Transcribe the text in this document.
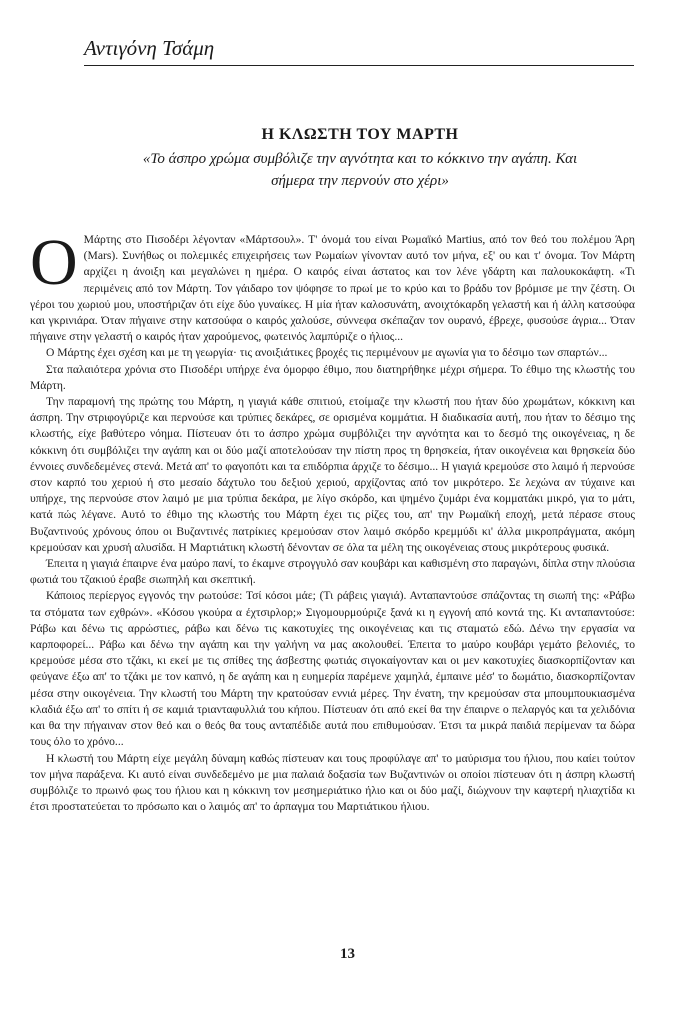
Αντιγόνη Τσάμη
Η ΚΛΩΣΤΗ ΤΟΥ ΜΑΡΤΗ

«Το άσπρο χρώμα συμβόλιζε την αγνότητα και το κόκκινο την αγάπη. Και σήμερα την περνούν στο χέρι»

Ο Μάρτης στο Πισοδέρι λέγονταν «Μάρτσουλ». Τ' όνομά του είναι Ρωμαϊκό Martius, από τον θεό του πολέμου Άρη (Mars). Συνήθως οι πολεμικές επιχειρήσεις των Ρωμαίων γίνονταν αυτό τον μήνα, εξ' ου και τ' όνομα. Τον Μάρτη αρχίζει η άνοιξη και μεγαλώνει η ημέρα. Ο καιρός είναι άστατος και τον λένε γδάρτη και παλουκοκάφτη. «Τι περιμένεις από τον Μάρτη. Τον γάιδαρο τον ψόφησε το πρωί με το κρύο και το βράδυ τον βρόμισε με την ζέστη. Οι γέροι του χωριού μου, υποστήριζαν ότι είχε δύο γυναίκες. Η μία ήταν καλοσυνάτη, ανοιχτόκαρδη γελαστή και ή άλλη κατσούφα και γκρινιάρα. Όταν πήγαινε στην κατσούφα ο καιρός χαλούσε, σύννεφα σκέπαζαν τον ουρανό, έβρεχε, φυσούσε άγρια... Όταν πήγαινε στην γελαστή ο καιρός ήταν χαρούμενος, φωτεινός λαμπύριζε ο ήλιος...

Ο Μάρτης έχει σχέση και με τη γεωργία· τις ανοιξιάτικες βροχές τις περιμένουν με αγωνία για το δέσιμο των σπαρτών...

Στα παλαιότερα χρόνια στο Πισοδέρι υπήρχε ένα όμορφο έθιμο, που διατηρήθηκε μέχρι σήμερα. Το έθιμο της κλωστής του Μάρτη.

Την παραμονή της πρώτης του Μάρτη, η γιαγιά κάθε σπιτιού, ετοίμαζε την κλωστή που ήταν δύο χρωμάτων, κόκκινη και άσπρη. Την στριφογύριζε και περνούσε και τρύπιες δεκάρες, σε ορισμένα κομμάτια. Η διαδικασία αυτή, που ήταν το δέσιμο της κλωστής, είχε βαθύτερο νόημα. Πίστευαν ότι το άσπρο χρώμα συμβόλιζει την αγνότητα και το δεσμό της οικογένειας, η δε κόκκινη ότι συμβόλιζει την αγάπη και οι δύο μαζί αποτελούσαν την πίστη προς τη θρησκεία, ήταν οικογένεια και θρησκεία δύο έννοιες συνδεδεμένες στενά. Μετά απ' το φαγοπότι και τα επιδόρπια άρχιζε το δέσιμο... Η γιαγιά κρεμούσε στο λαιμό ή περνούσε στον καρπό του χεριού ή στο μεσαίο δάχτυλο του δεξιού χεριού, αρχίζοντας από τον μικρότερο. Σε λεχώνα αν τύχαινε και υπήρχε, της περνούσε στον λαιμό με μια τρύπια δεκάρα, με λίγο σκόρδο, και ψημένο ζυμάρι ένα κομματάκι μικρό, για το μάτι, κατά πώς λέγανε. Αυτό το έθιμο της κλωστής του Μάρτη έχει τις ρίζες του, απ' την Ρωμαϊκή εποχή, μετά πέρασε στους Βυζαντινούς χρόνους όπου οι Βυζαντινές πατρίκιες κρεμούσαν στον λαιμό σκόρδο κρεμμύδι κι' άλλα μικροπράγματα, ακόμη κρεμούσαν και χρυσή αλυσίδα. Η Μαρτιάτικη κλωστή δένονταν σε όλα τα μέλη της οικογένειας στους μικρότερους φυσικά.

Έπειτα η γιαγιά έπαιρνε ένα μαύρο πανί, το έκαμνε στρογγυλό σαν κουβάρι και καθισμένη στο παραγώνι, δίπλα στην πλούσια φωτιά του τζακιού έραβε σιωπηλή και σκεπτική.

Κάποιος περίεργος εγγονός την ρωτούσε: Τσί κόσοι μάε; (Τι ράβεις γιαγιά). Ανταπαντούσε σπάζοντας τη σιωπή της: «Ράβω τα στόματα των εχθρών». «Κόσου γκούρα α έχτσιρλορ;» Σιγομουρμούριζε ξανά κι η εγγονή από κοντά της. Κι ανταπαντούσε: Ράβω και δένω τις αρρώστιες, ράβω και δένω τις κακοτυχίες της οικογένειας και τις σταματώ εδώ. Δένω την εργασία να καρποφορεί... Ράβω και δένω την αγάπη και την γαλήνη να μας ακολουθεί. Έπειτα το μαύρο κουβάρι γεμάτο βελονιές, το κρεμούσε μέσα στο τζάκι, κι εκεί με τις σπίθες της άσβεστης φωτιάς σιγοκαίγονταν και οι μεν κακοτυχίες διασκορπίζονταν και φεύγανε έξω απ' το τζάκι με τον καπνό, η δε αγάπη και η ευημερία παρέμενε χαμηλά, έμπαινε μέσ' το δωμάτιο, διασκορπίζονταν μέσα στην οικογένεια. Την κλωστή του Μάρτη την κρατούσαν εννιά μέρες. Την ένατη, την κρεμούσαν στα μπουμπουκιασμένα κλαδιά έξω απ' το σπίτι ή σε καμιά τριανταφυλλιά του κήπου. Πίστευαν ότι από εκεί θα την έπαιρνε ο πελαργός και τα χελιδόνια και θα την πήγαιναν στον θεό και ο θεός θα τους ανταπέδιδε αυτά που επιθυμούσαν. Έτσι τα μικρά παιδιά περίμεναν τα δώρα τους όλο το χρόνο...

Η κλωστή του Μάρτη είχε μεγάλη δύναμη καθώς πίστευαν και τους προφύλαγε απ' το μαύρισμα του ήλιου, που καίει τούτον τον μήνα παράξενα. Κι αυτό είναι συνδεδεμένο με μια παλαιά δοξασία των Βυζαντινών οι οποίοι πίστευαν ότι η άσπρη κλωστή συμβόλιζε το πρωινό φως του ήλιου και η κόκκινη τον μεσημεριάτικο ήλιο και οι δύο μαζί, διώχνουν την καφτερή ηλιαχτίδα κι έτσι προστατεύεται το πρόσωπο και ο λαιμός απ' το άρπαγμα του Μαρτιάτικου ήλιου.

13
